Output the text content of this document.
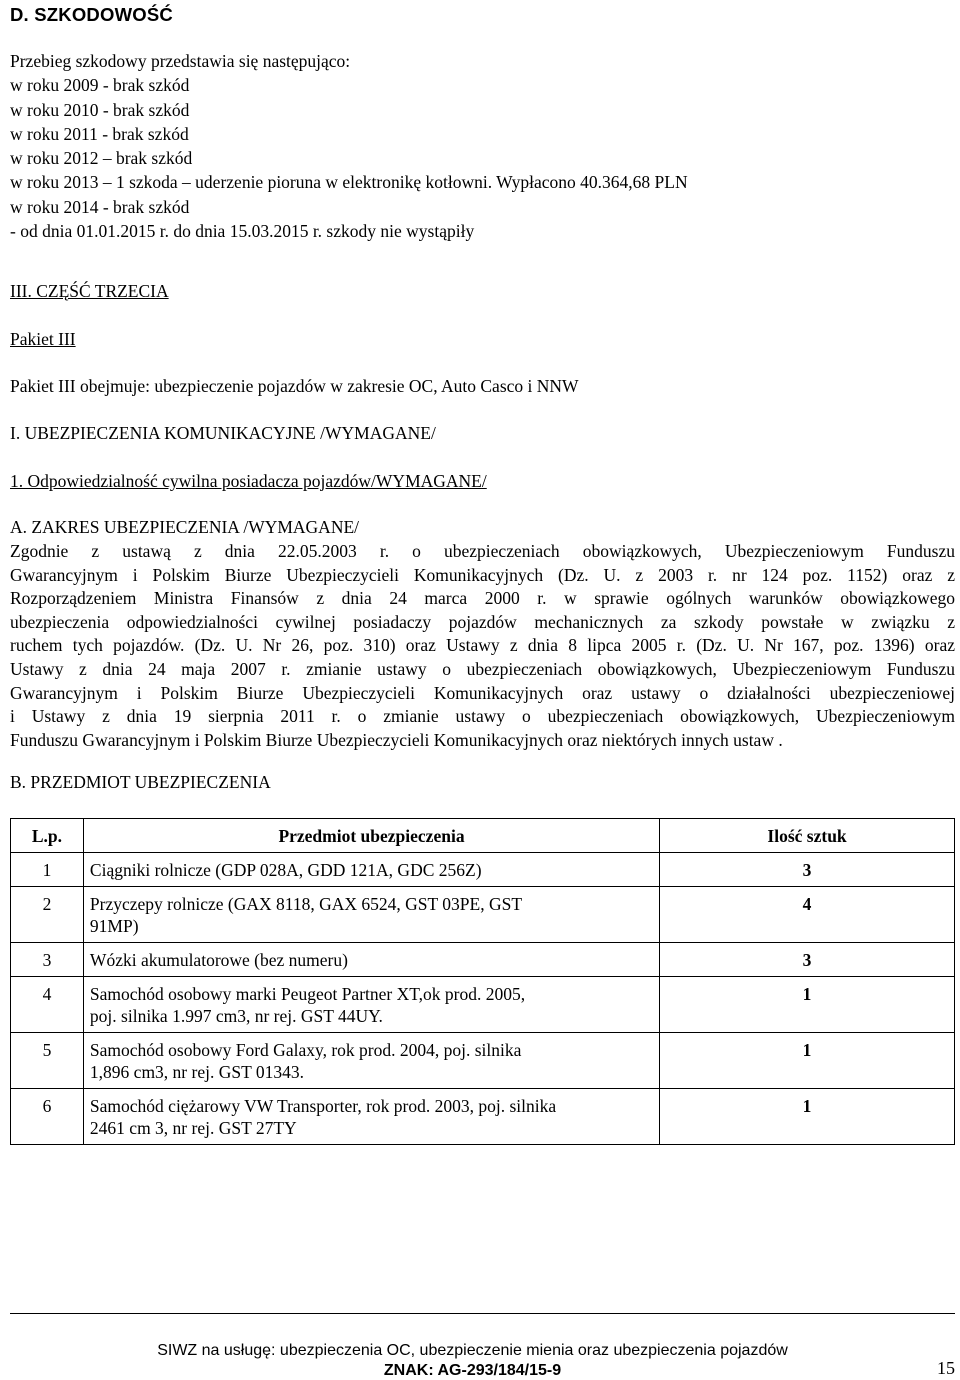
D. SZKODOWOŚĆ
Przebieg szkodowy przedstawia się następująco:
w roku 2009 - brak szkód
w roku 2010 - brak szkód
w roku 2011 - brak szkód
w roku 2012 – brak szkód
w roku 2013 – 1 szkoda – uderzenie pioruna w elektronikę kotłowni. Wypłacono 40.364,68 PLN
w roku 2014 - brak szkód
- od dnia 01.01.2015 r. do dnia 15.03.2015 r. szkody nie wystąpiły
III. CZĘŚĆ TRZECIA
Pakiet III
Pakiet III obejmuje: ubezpieczenie pojazdów w zakresie OC, Auto Casco i NNW
I. UBEZPIECZENIA KOMUNIKACYJNE /WYMAGANE/
1. Odpowiedzialność cywilna posiadacza pojazdów/WYMAGANE/
A. ZAKRES UBEZPIECZENIA /WYMAGANE/
Zgodnie z ustawą z dnia 22.05.2003 r. o ubezpieczeniach obowiązkowych, Ubezpieczeniowym Funduszu
Gwarancyjnym i Polskim Biurze Ubezpieczycieli Komunikacyjnych (Dz. U. z 2003 r. nr 124 poz. 1152) oraz z
Rozporządzeniem Ministra Finansów z dnia 24 marca 2000 r. w sprawie ogólnych warunków obowiązkowego
ubezpieczenia odpowiedzialności cywilnej posiadaczy pojazdów mechanicznych za szkody powstałe w związku z
ruchem tych pojazdów. (Dz. U. Nr 26, poz. 310) oraz Ustawy z dnia 8 lipca 2005 r. (Dz. U. Nr 167, poz. 1396) oraz
Ustawy z dnia 24 maja 2007 r. zmianie ustawy o ubezpieczeniach obowiązkowych, Ubezpieczeniowym Funduszu
Gwarancyjnym i Polskim Biurze Ubezpieczycieli Komunikacyjnych oraz ustawy o działalności ubezpieczeniowej
i Ustawy z dnia 19 sierpnia 2011 r. o zmianie ustawy o ubezpieczeniach obowiązkowych, Ubezpieczeniowym
Funduszu Gwarancyjnym i Polskim Biurze Ubezpieczycieli Komunikacyjnych oraz niektórych innych ustaw .
B. PRZEDMIOT UBEZPIECZENIA
L.p.	Przedmiot ubezpieczenia	Ilość sztuk
1	Ciągniki rolnicze (GDP 028A, GDD 121A, GDC 256Z)	3
2	Przyczepy rolnicze (GAX 8118, GAX 6524, GST 03PE, GST
91MP)	4
3	Wózki akumulatorowe (bez numeru)	3
4	Samochód osobowy marki Peugeot Partner XT,ok prod. 2005,
poj. silnika 1.997 cm3, nr rej. GST 44UY.	1
5	Samochód osobowy Ford Galaxy, rok prod. 2004, poj. silnika
1,896 cm3, nr rej. GST 01343.	1
6	Samochód ciężarowy VW Transporter, rok prod. 2003, poj. silnika
2461 cm 3, nr rej. GST 27TY	1
SIWZ na usługę: ubezpieczenia OC, ubezpieczenie mienia oraz ubezpieczenia pojazdów
ZNAK: AG-293/184/15-9	15
